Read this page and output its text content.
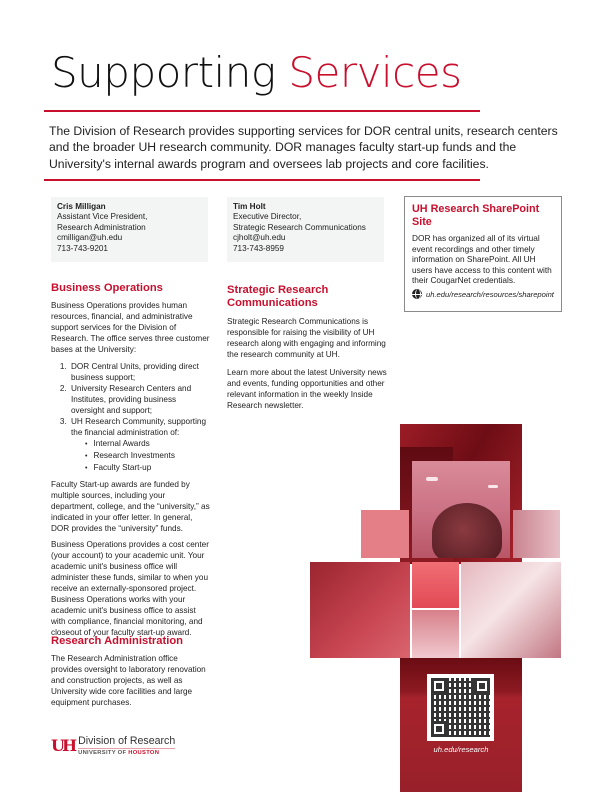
Supporting Services

The Division of Research provides supporting services for DOR central units, research centers and the broader UH research community. DOR manages faculty start-up funds and the University's internal awards program and oversees lab projects and core facilities.

Cris Milligan
Assistant Vice President,
Research Administration
cmilligan@uh.edu
713-743-9201
Tim Holt
Executive Director,
Strategic Research Communications
cjholt@uh.edu
713-743-8959
UH Research SharePoint Site
DOR has organized all of its virtual event recordings and other timely information on SharePoint. All UH users have access to this content with their CougarNet credentials.
uh.edu/research/resources/sharepoint
Business Operations

Business Operations provides human resources, financial, and administrative support services for the Division of Research. The office serves three customer bases at the University:

1. DOR Central Units, providing direct business support;
2. University Research Centers and Institutes, providing business oversight and support;
3. UH Research Community, supporting the financial administration of:
• Internal Awards
• Research Investments
• Faculty Start-up

Faculty Start-up awards are funded by multiple sources, including your department, college, and the “university,” as indicated in your offer letter. In general, DOR provides the “university” funds.

Business Operations provides a cost center (your account) to your academic unit. Your academic unit's business office will administer these funds, similar to when you receive an externally-sponsored project. Business Operations works with your academic unit's business office to assist with compliance, financial monitoring, and closeout of your faculty start-up award.

Research Administration

The Research Administration office provides oversight to laboratory renovation and construction projects, as well as University wide core facilities and large equipment purchases.

Strategic Research Communications

Strategic Research Communications is responsible for raising the visibility of UH research along with engaging and informing the research community at UH.

Learn more about the latest University news and events, funding opportunities and other relevant information in the weekly Inside Research newsletter.

UH Division of Research
UNIVERSITY OF HOUSTON	uh.edu/research
